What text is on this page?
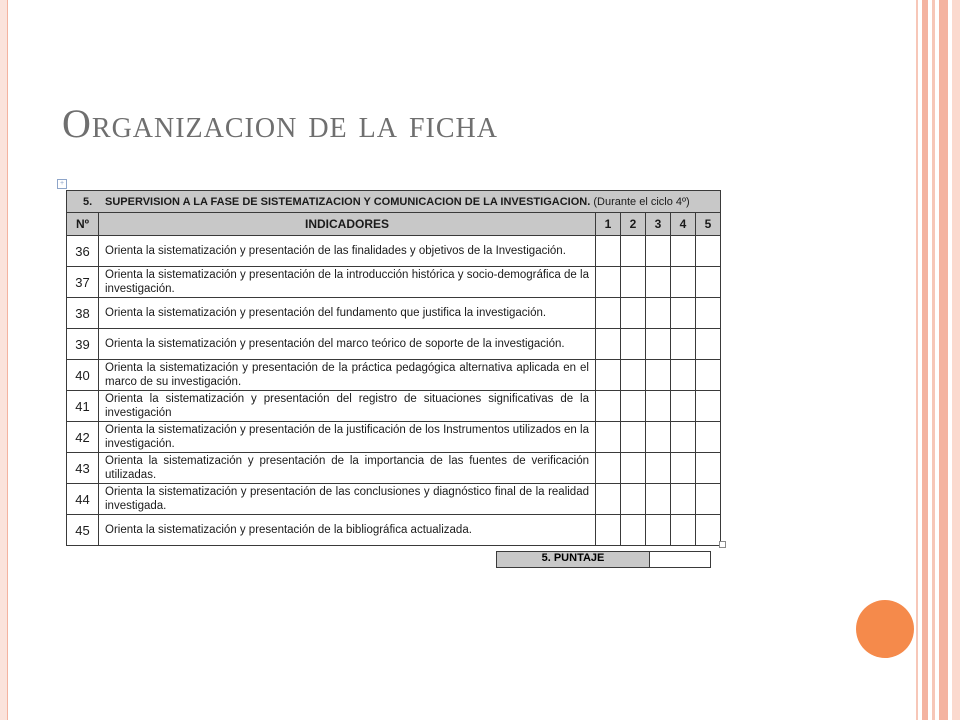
Organizacion de la ficha
+
5. SUPERVISION A LA FASE DE SISTEMATIZACION Y COMUNICACION DE LA INVESTIGACION. (Durante el ciclo 4º)						
Nº	INDICADORES	1	2	3	4	5
36	Orienta la sistematización y presentación de las finalidades y objetivos de la Investigación.					
37	Orienta la sistematización y presentación de la introducción histórica y socio-demográfica de la investigación.					
38	Orienta la sistematización y presentación del fundamento que justifica la investigación.					
39	Orienta la sistematización y presentación del marco teórico de soporte de la investigación.					
40	Orienta la sistematización y presentación de la práctica pedagógica alternativa aplicada en el marco de su investigación.					
41	Orienta la sistematización y presentación del registro de situaciones significativas de la investigación					
42	Orienta la sistematización y presentación de la justificación de los Instrumentos utilizados en la investigación.					
43	Orienta la sistematización y presentación de la importancia de las fuentes de verificación utilizadas.					
44	Orienta la sistematización y presentación de las conclusiones y diagnóstico final de la realidad investigada.					
45	Orienta la sistematización y presentación de la bibliográfica actualizada.					
5. PUNTAJE	
